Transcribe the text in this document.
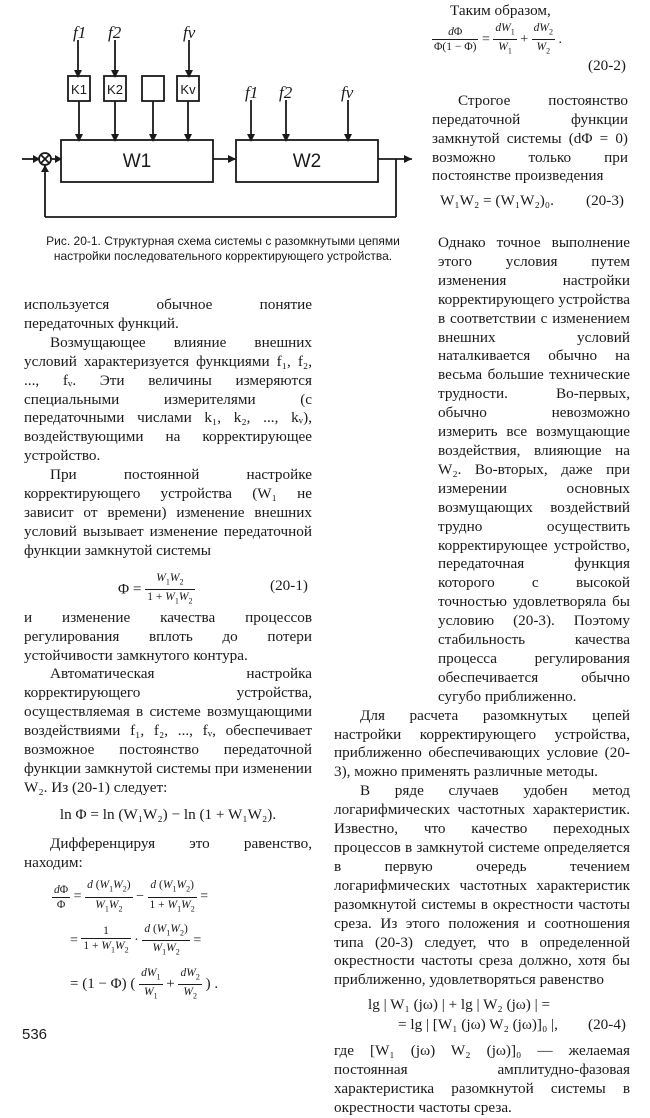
f1 f2	fv
f1 f2	fv
K1 K2	Kv
W1	W2
Рис. 20-1. Структурная схема системы с разомкнутыми цепями настройки последовательного корректирующего устройства.

Таким образом,

$\frac{d\Phi}{\Phi(1 - \Phi)} = \frac{dW_1}{W_1} + \frac{dW_2}{W_2}$ .
(20-2)

Строгое постоянство передаточной функции замкнутой системы (dΦ = 0) возможно только при постоянстве произведения

W₁W₂ = (W₁W₂)₀. (20-3)

используется обычное понятие передаточных функций.

Возмущающее влияние внешних условий характеризуется функциями f₁, f₂, ..., fᵥ. Эти величины измеряются специальными измерителями (с передаточными числами k₁, k₂, ..., kᵥ), воздействующими на корректирующее устройство.

При постоянной настройке корректирующего устройства (W₁ не зависит от времени) изменение внешних условий вызывает изменение передаточной функции замкнутой системы

$\Phi = \frac{W_1W_2}{1 + W_1W_2}$	(20-1)

и изменение качества процессов регулирования вплоть до потери устойчивости замкнутого контура.

Автоматическая настройка корректирующего устройства, осуществляемая в системе возмущающими воздействиями f₁, f₂, ..., fᵥ, обеспечивает возможное постоянство передаточной функции замкнутой системы при изменении W₂. Из (20-1) следует:

ln Φ = ln (W₁W₂) − ln (1 + W₁W₂).

Дифференцируя это равенство, находим:

$\frac{d\Phi}{\Phi} = \frac{d (W_1W_2)}{W_1W_2} - \frac{d (W_1W_2)}{1 + W_1W_2}$ =
= $\frac{1}{1 + W_1W_2} \cdot \frac{d (W_1W_2)}{W_1W_2}$ =
= (1 − Φ) ( $\frac{dW_1}{W_1} + \frac{dW_2}{W_2}$ ) .

Однако точное выполнение этого условия путем изменения настройки корректирующего устройства в соответствии с изменением внешних условий наталкивается обычно на весьма большие технические трудности. Во-первых, обычно невозможно измерить все возмущающие воздействия, влияющие на W₂. Во-вторых, даже при измерении основных возмущающих воздействий трудно осуществить корректирующее устройство, передаточная функция которого с высокой точностью удовлетворяла бы условию (20-3). Поэтому стабильность качества процесса регулирования обеспечивается обычно сугубо приближенно.

Для расчета разомкнутых цепей настройки корректирующего устройства, приближенно обеспечивающих условие (20-3), можно применять различные методы.

В ряде случаев удобен метод логарифмических частотных характеристик. Известно, что качество переходных процессов в замкнутой системе определяется в первую очередь течением логарифмических частотных характеристик разомкнутой системы в окрестности частоты среза. Из этого положения и соотношения типа (20-3) следует, что в определенной окрестности частоты среза должно, хотя бы приближенно, удовлетворяться равенство

lg | W₁ (jω) | + lg | W₂ (jω) | =
= lg | [W₁ (jω) W₂ (jω)]₀ |, (20-4)

где [W₁ (jω) W₂ (jω)]₀ — желаемая постоянная амплитудно-фазовая характеристика разомкнутой системы в окрестности частоты среза.

536
